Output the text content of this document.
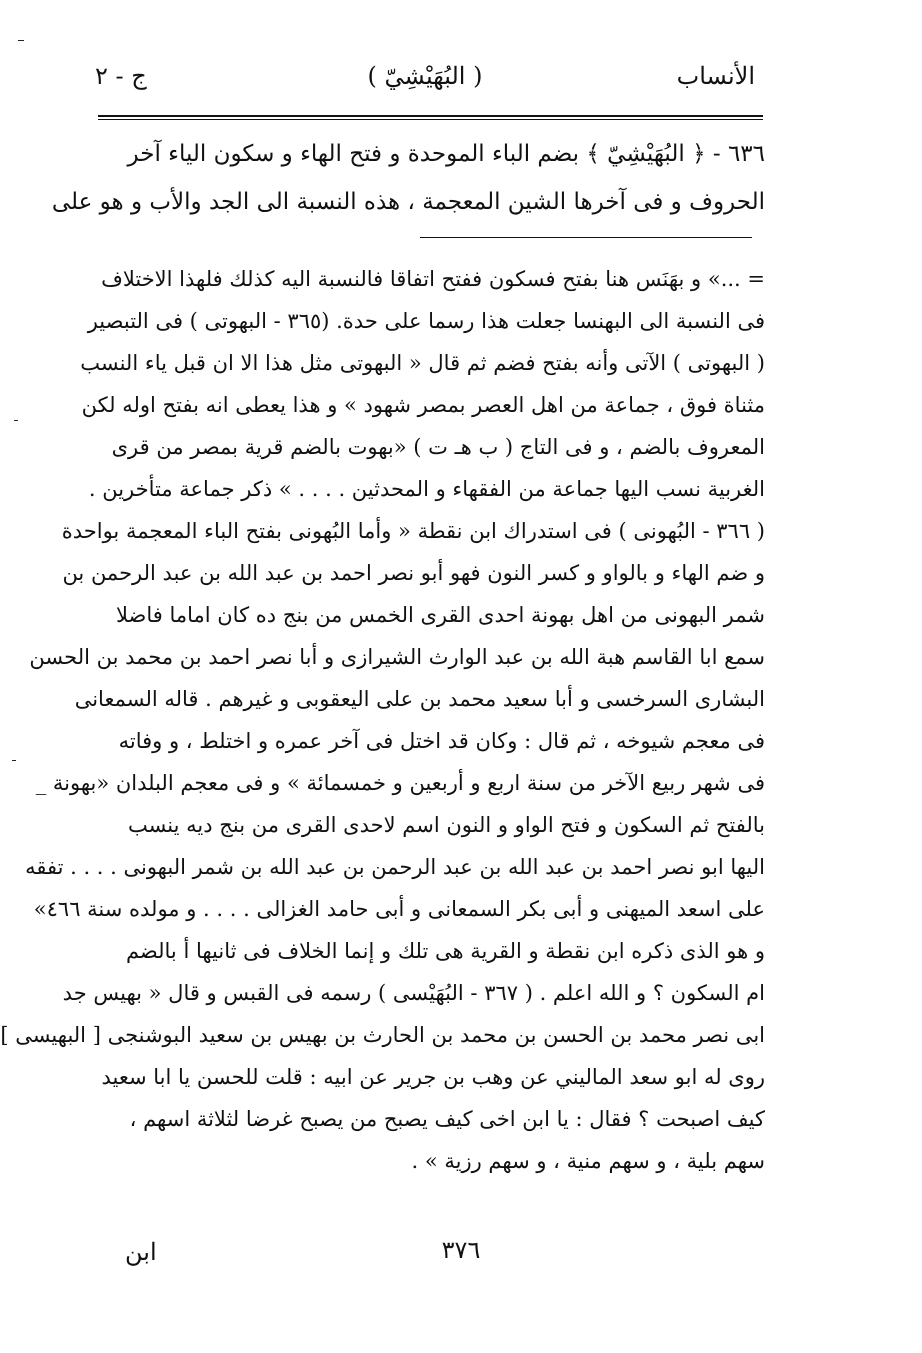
الأنساب
( البُهَيْشِيّ )
ج - ٢
٦٣٦ - ﴿ البُهَيْشِيّ ﴾ بضم الباء الموحدة و فتح الهاء و سكون الياء آخر
الحروف و فى آخرها الشين المعجمة ، هذه النسبة الى الجد والأب و هو على
= ...» و بهَنَس هنا بفتح فسكون ففتح اتفاقا فالنسبة اليه كذلك فلهذا الاختلاف
فى النسبة الى البهنسا جعلت هذا رسما على حدة. (٣٦٥ - البهوتى ) فى التبصير
( البهوتى ) الآتى وأنه بفتح فضم ثم قال « البهوتى مثل هذا الا ان قبل ياء النسب
مثناة فوق ، جماعة من اهل العصر بمصر شهود » و هذا يعطى انه بفتح اوله لكن
المعروف بالضم ، و فى التاج ( ب هـ ت ) «بهوت بالضم قرية بمصر من قرى
الغربية نسب اليها جماعة من الفقهاء و المحدثين . . . . » ذكر جماعة متأخرين .
( ٣٦٦ - البُهونى ) فى استدراك ابن نقطة « وأما البُهونى بفتح الباء المعجمة بواحدة
و ضم الهاء و بالواو و كسر النون فهو أبو نصر احمد بن عبد الله بن عبد الرحمن بن
شمر البهونى من اهل بهونة احدى القرى الخمس من بنج ده كان اماما فاضلا
سمع ابا القاسم هبة الله بن عبد الوارث الشيرازى و أبا نصر احمد بن محمد بن الحسن
البشارى السرخسى و أبا سعيد محمد بن على اليعقوبى و غيرهم . قاله السمعانى
فى معجم شيوخه ، ثم قال : وكان قد اختل فى آخر عمره و اختلط ، و وفاته
فى شهر ربيع الآخر من سنة اربع و أربعين و خمسمائة » و فى معجم البلدان «بهونة _
بالفتح ثم السكون و فتح الواو و النون اسم لاحدى القرى من بنج ديه ينسب
اليها ابو نصر احمد بن عبد الله بن عبد الرحمن بن عبد الله بن شمر البهونى . . . . تفقه
على اسعد الميهنى و أبى بكر السمعانى و أبى حامد الغزالى . . . . و مولده سنة ٤٦٦»
و هو الذى ذكره ابن نقطة و القرية هى تلك و إنما الخلاف فى ثانيها أ بالضم
ام السكون ؟ و الله اعلم . ( ٣٦٧ - البُهَيْسى ) رسمه فى القبس و قال « بهيس جد
ابى نصر محمد بن الحسن بن محمد بن الحارث بن بهيس بن سعيد البوشنجى [ البهيسى ]
روى له ابو سعد الماليني عن وهب بن جرير عن ابيه : قلت للحسن يا ابا سعيد
كيف اصبحت ؟ فقال : يا ابن اخى كيف يصبح من يصبح غرضا لثلاثة اسهم ،
سهم بلية ، و سهم منية ، و سهم رزية » .
٣٧٦
ابن
